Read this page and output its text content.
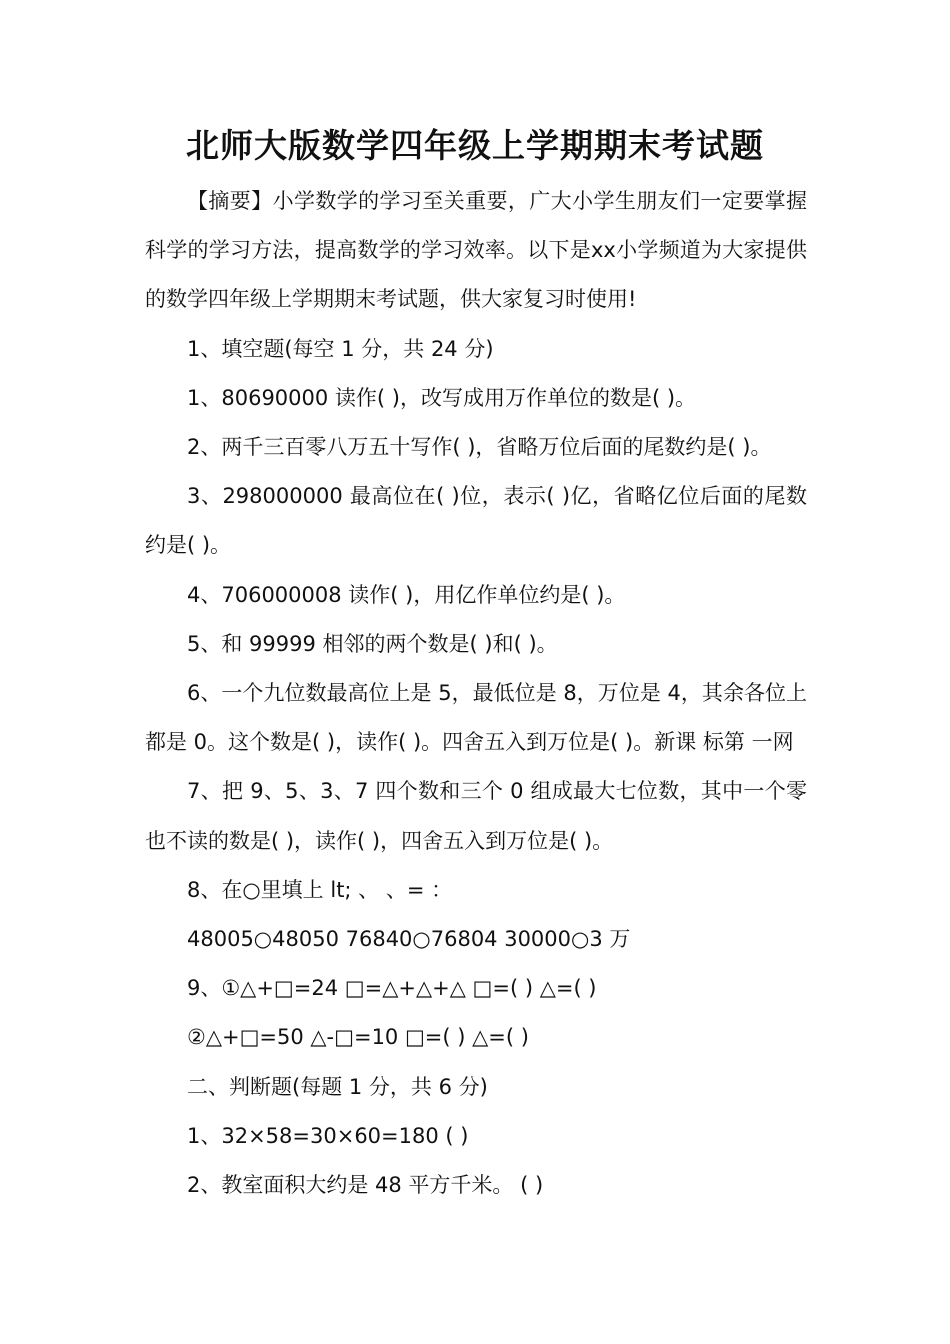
北师大版数学四年级上学期期末考试题

【摘要】小学数学的学习至关重要，广大小学生朋友们一定要掌握科学的学习方法，提高数学的学习效率。以下是xx小学频道为大家提供的数学四年级上学期期末考试题，供大家复习时使用!

1、填空题(每空 1 分，共 24 分)

1、80690000 读作( )，改写成用万作单位的数是( )。

2、两千三百零八万五十写作( )，省略万位后面的尾数约是( )。

3、298000000 最高位在( )位，表示( )亿，省略亿位后面的尾数约是( )。

4、706000008 读作( )，用亿作单位约是( )。

5、和 99999 相邻的两个数是( )和( )。

6、一个九位数最高位上是 5，最低位是 8，万位是 4，其余各位上都是 0。这个数是( )，读作( )。四舍五入到万位是( )。新课 标第 一网

7、把 9、5、3、7 四个数和三个 0 组成最大七位数，其中一个零也不读的数是( )，读作( )，四舍五入到万位是( )。

8、在○里填上 lt; 、 、= ：

48005○48050 76840○76804 30000○3 万

9、①△+□=24 □=△+△+△ □=( ) △=( )

②△+□=50 △-□=10 □=( ) △=( )

二、判断题(每题 1 分，共 6 分)

1、32×58=30×60=180 ( )

2、教室面积大约是 48 平方千米。 ( )
